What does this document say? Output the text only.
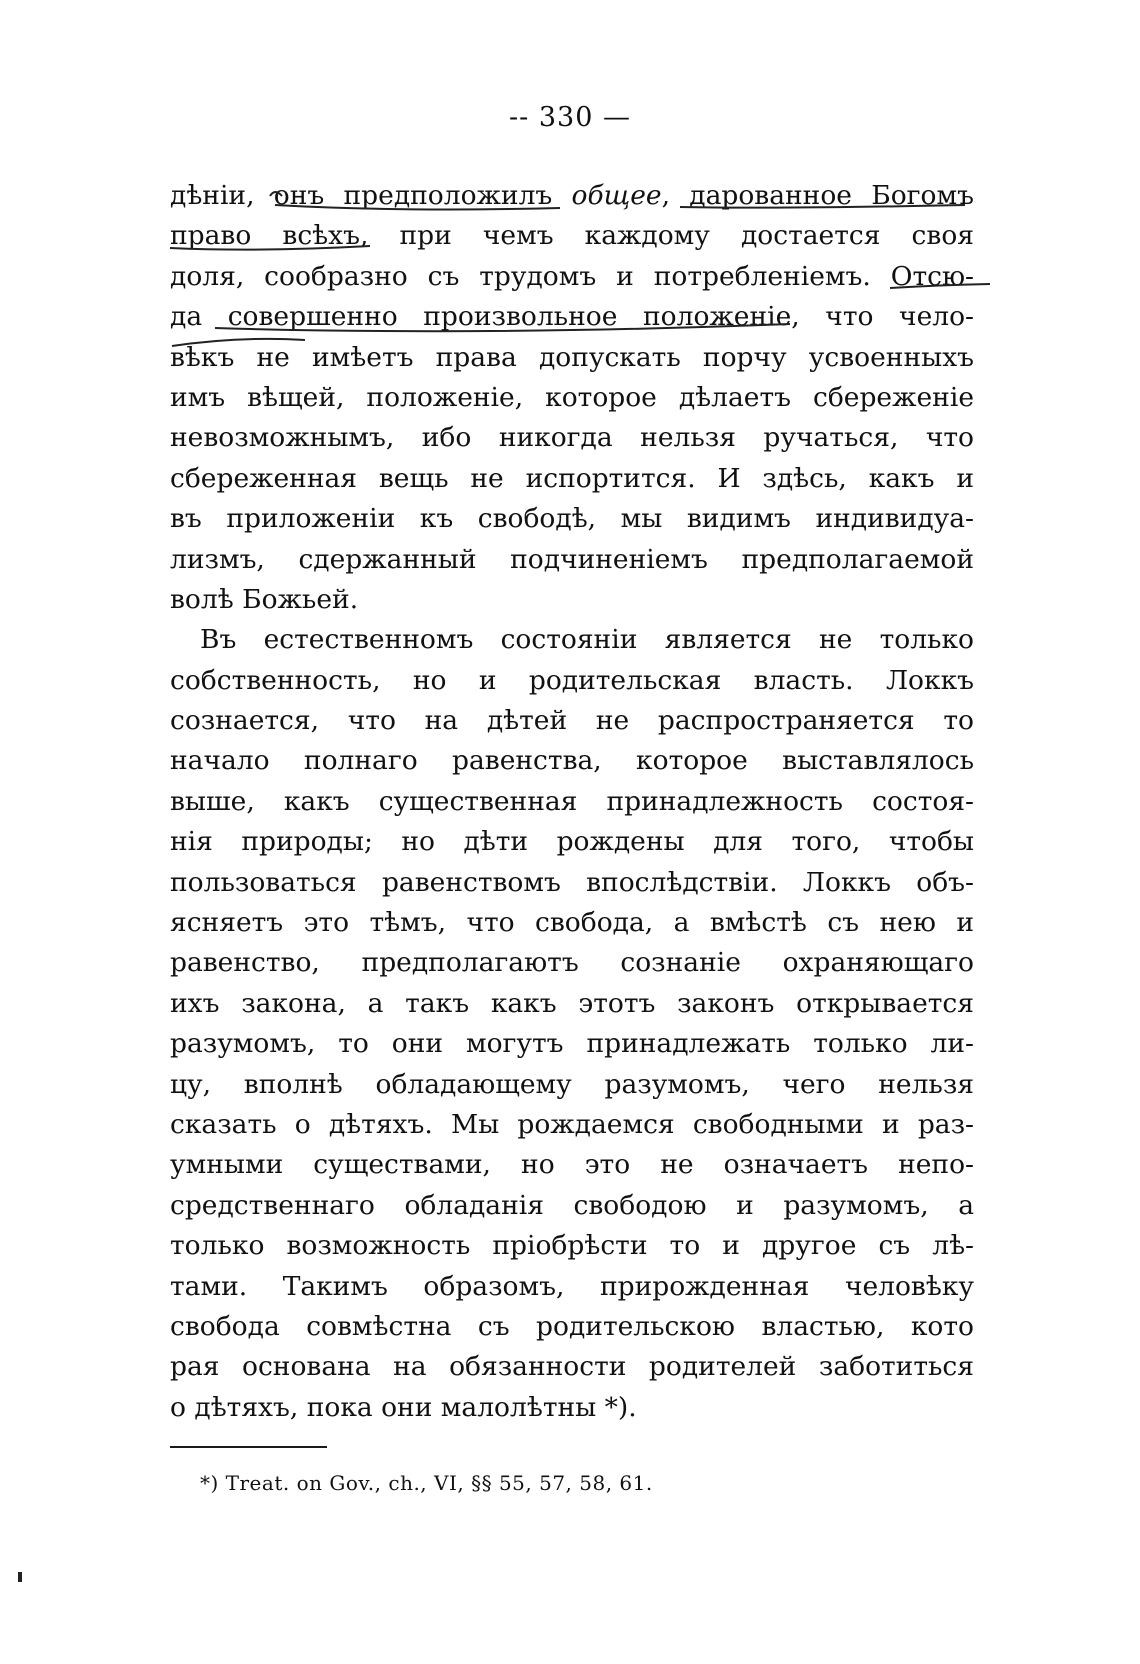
-- 330 —
дѣніи, онъ предположилъ общее, дарованное Богомъ
право всѣхъ, при чемъ каждому достается своя
доля, сообразно съ трудомъ и потребленіемъ. Отсю-
да совершенно произвольное положеніе, что чело-
вѣкъ не имѣетъ права допускать порчу усвоенныхъ
имъ вѣщей, положеніе, которое дѣлаетъ сбереженіе
невозможнымъ, ибо никогда нельзя ручаться, что
сбереженная вещь не испортится. И здѣсь, какъ и
въ приложеніи къ свободѣ, мы видимъ индивидуа-
лизмъ, сдержанный подчиненіемъ предполагаемой
волѣ Божьей.
Въ естественномъ состояніи является не только
собственность, но и родительская власть. Локкъ
сознается, что на дѣтей не распространяется то
начало полнаго равенства, которое выставлялось
выше, какъ существенная принадлежность состоя-
нія природы; но дѣти рождены для того, чтобы
пользоваться равенствомъ впослѣдствіи. Локкъ объ-
ясняетъ это тѣмъ, что свобода, а вмѣстѣ съ нею и
равенство, предполагаютъ сознаніе охраняющаго
ихъ закона, а такъ какъ этотъ законъ открывается
разумомъ, то они могутъ принадлежать только ли-
цу, вполнѣ обладающему разумомъ, чего нельзя
сказать о дѣтяхъ. Мы рождаемся свободными и раз-
умными существами, но это не означаетъ непо-
средственнаго обладанія свободою и разумомъ, а
только возможность пріобрѣсти то и другое съ лѣ-
тами. Такимъ образомъ, прирожденная человѣку
свобода совмѣстна съ родительскою властью, кото
рая основана на обязанности родителей заботиться
о дѣтяхъ, пока они малолѣтны *).
*) Treat. on Gov., ch., VI, §§ 55, 57, 58, 61.
